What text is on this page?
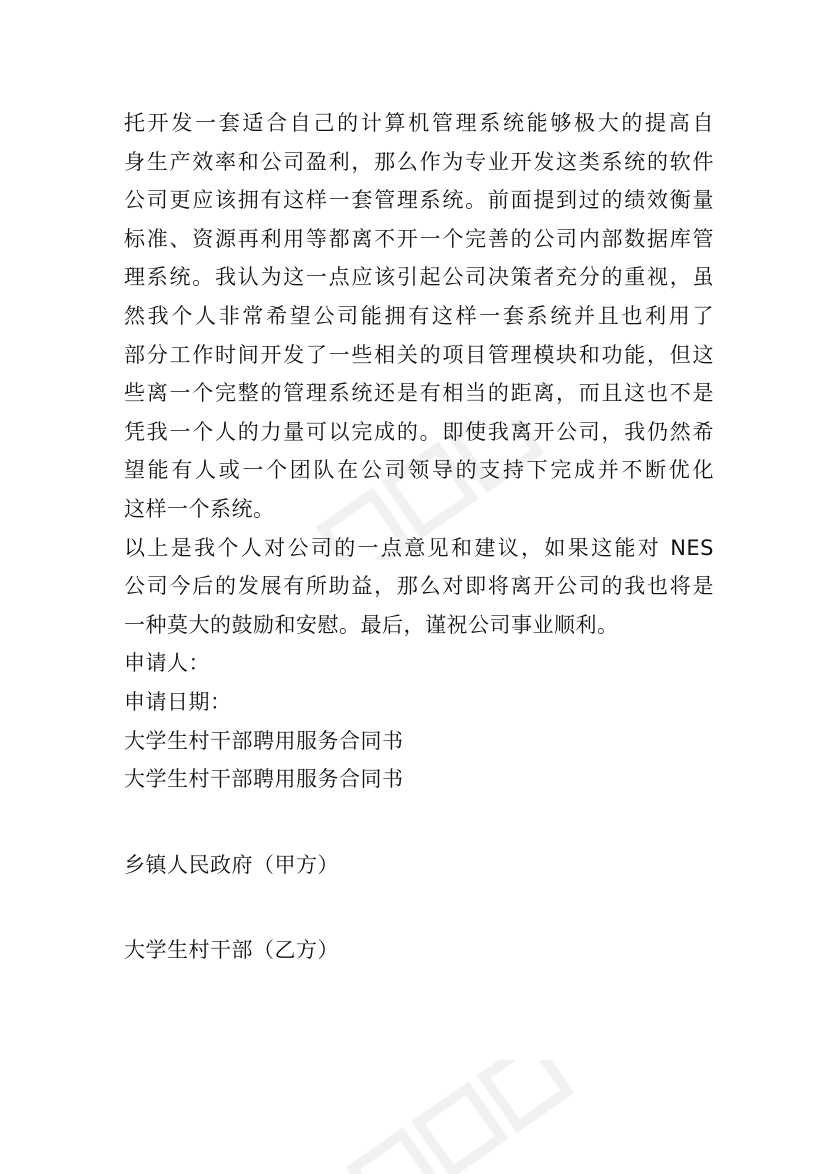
托开发一套适合自己的计算机管理系统能够极大的提高自
身生产效率和公司盈利，那么作为专业开发这类系统的软件
公司更应该拥有这样一套管理系统。前面提到过的绩效衡量
标准、资源再利用等都离不开一个完善的公司内部数据库管
理系统。我认为这一点应该引起公司决策者充分的重视，虽
然我个人非常希望公司能拥有这样一套系统并且也利用了
部分工作时间开发了一些相关的项目管理模块和功能，但这
些离一个完整的管理系统还是有相当的距离，而且这也不是
凭我一个人的力量可以完成的。即使我离开公司，我仍然希
望能有人或一个团队在公司领导的支持下完成并不断优化
这样一个系统。
以上是我个人对公司的一点意见和建议，如果这能对 NES
公司今后的发展有所助益，那么对即将离开公司的我也将是
一种莫大的鼓励和安慰。最后，谨祝公司事业顺利。
申请人：
申请日期：
大学生村干部聘用服务合同书
大学生村干部聘用服务合同书
乡镇人民政府（甲方）
大学生村干部（乙方）
